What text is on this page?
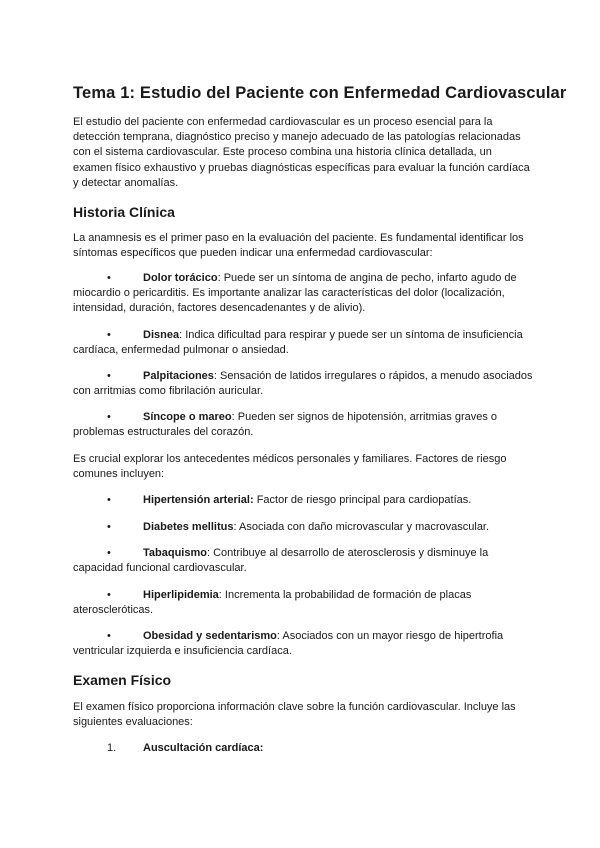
Tema 1: Estudio del Paciente con Enfermedad Cardiovascular

El estudio del paciente con enfermedad cardiovascular es un proceso esencial para la detección temprana, diagnóstico preciso y manejo adecuado de las patologías relacionadas con el sistema cardiovascular. Este proceso combina una historia clínica detallada, un examen físico exhaustivo y pruebas diagnósticas específicas para evaluar la función cardíaca y detectar anomalías.

Historia Clínica

La anamnesis es el primer paso en la evaluación del paciente. Es fundamental identificar los síntomas específicos que pueden indicar una enfermedad cardiovascular:

•	Dolor torácico: Puede ser un síntoma de angina de pecho, infarto agudo de miocardio o pericarditis. Es importante analizar las características del dolor (localización, intensidad, duración, factores desencadenantes y de alivio).

•	Disnea: Indica dificultad para respirar y puede ser un síntoma de insuficiencia cardíaca, enfermedad pulmonar o ansiedad.

•	Palpitaciones: Sensación de latidos irregulares o rápidos, a menudo asociados con arritmias como fibrilación auricular.

•	Síncope o mareo: Pueden ser signos de hipotensión, arritmias graves o problemas estructurales del corazón.

Es crucial explorar los antecedentes médicos personales y familiares. Factores de riesgo comunes incluyen:

•	Hipertensión arterial: Factor de riesgo principal para cardiopatías.

•	Diabetes mellitus: Asociada con daño microvascular y macrovascular.

•	Tabaquismo: Contribuye al desarrollo de aterosclerosis y disminuye la capacidad funcional cardiovascular.

•	Hiperlipidemia: Incrementa la probabilidad de formación de placas ateroscleróticas.

•	Obesidad y sedentarismo: Asociados con un mayor riesgo de hipertrofia ventricular izquierda e insuficiencia cardíaca.

Examen Físico

El examen físico proporciona información clave sobre la función cardiovascular. Incluye las siguientes evaluaciones:

1. Auscultación cardíaca:
